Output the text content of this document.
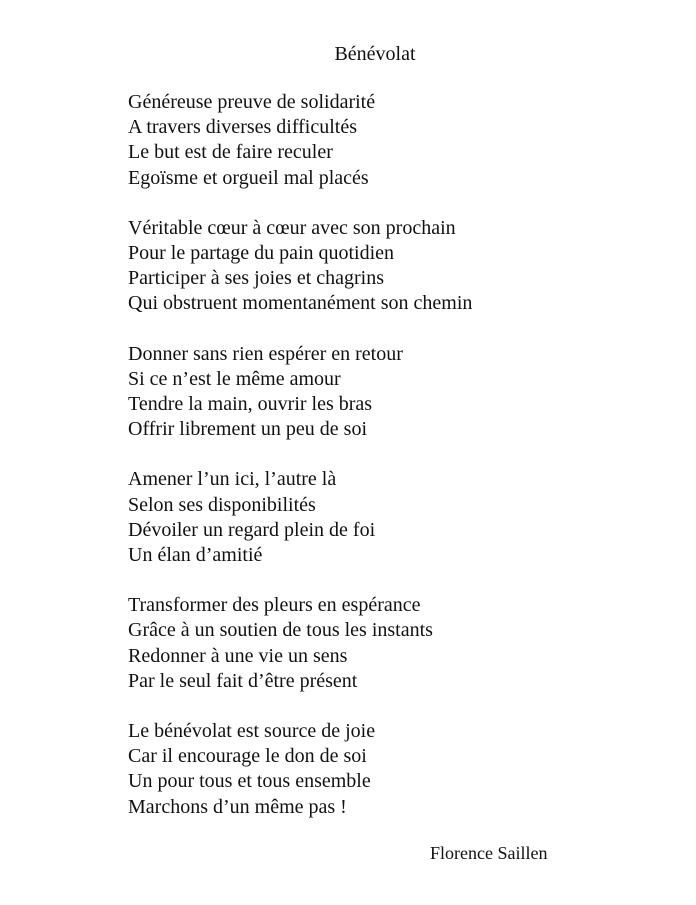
Bénévolat
Généreuse preuve de solidarité
A travers diverses difficultés
Le but est de faire reculer
Egoïsme et orgueil mal placés
Véritable cœur à cœur avec son prochain
Pour le partage du pain quotidien
Participer à ses joies et chagrins
Qui obstruent momentanément son chemin
Donner sans rien espérer en retour
Si ce n’est le même amour
Tendre la main, ouvrir les bras
Offrir librement un peu de soi
Amener l’un ici, l’autre là
Selon ses disponibilités
Dévoiler un regard plein de foi
Un élan d’amitié
Transformer des pleurs en espérance
Grâce à un soutien de tous les instants
Redonner à une vie un sens
Par le seul fait d’être présent
Le bénévolat est source de joie
Car il encourage le don de soi
Un pour tous et tous ensemble
Marchons d’un même pas !
Florence Saillen
